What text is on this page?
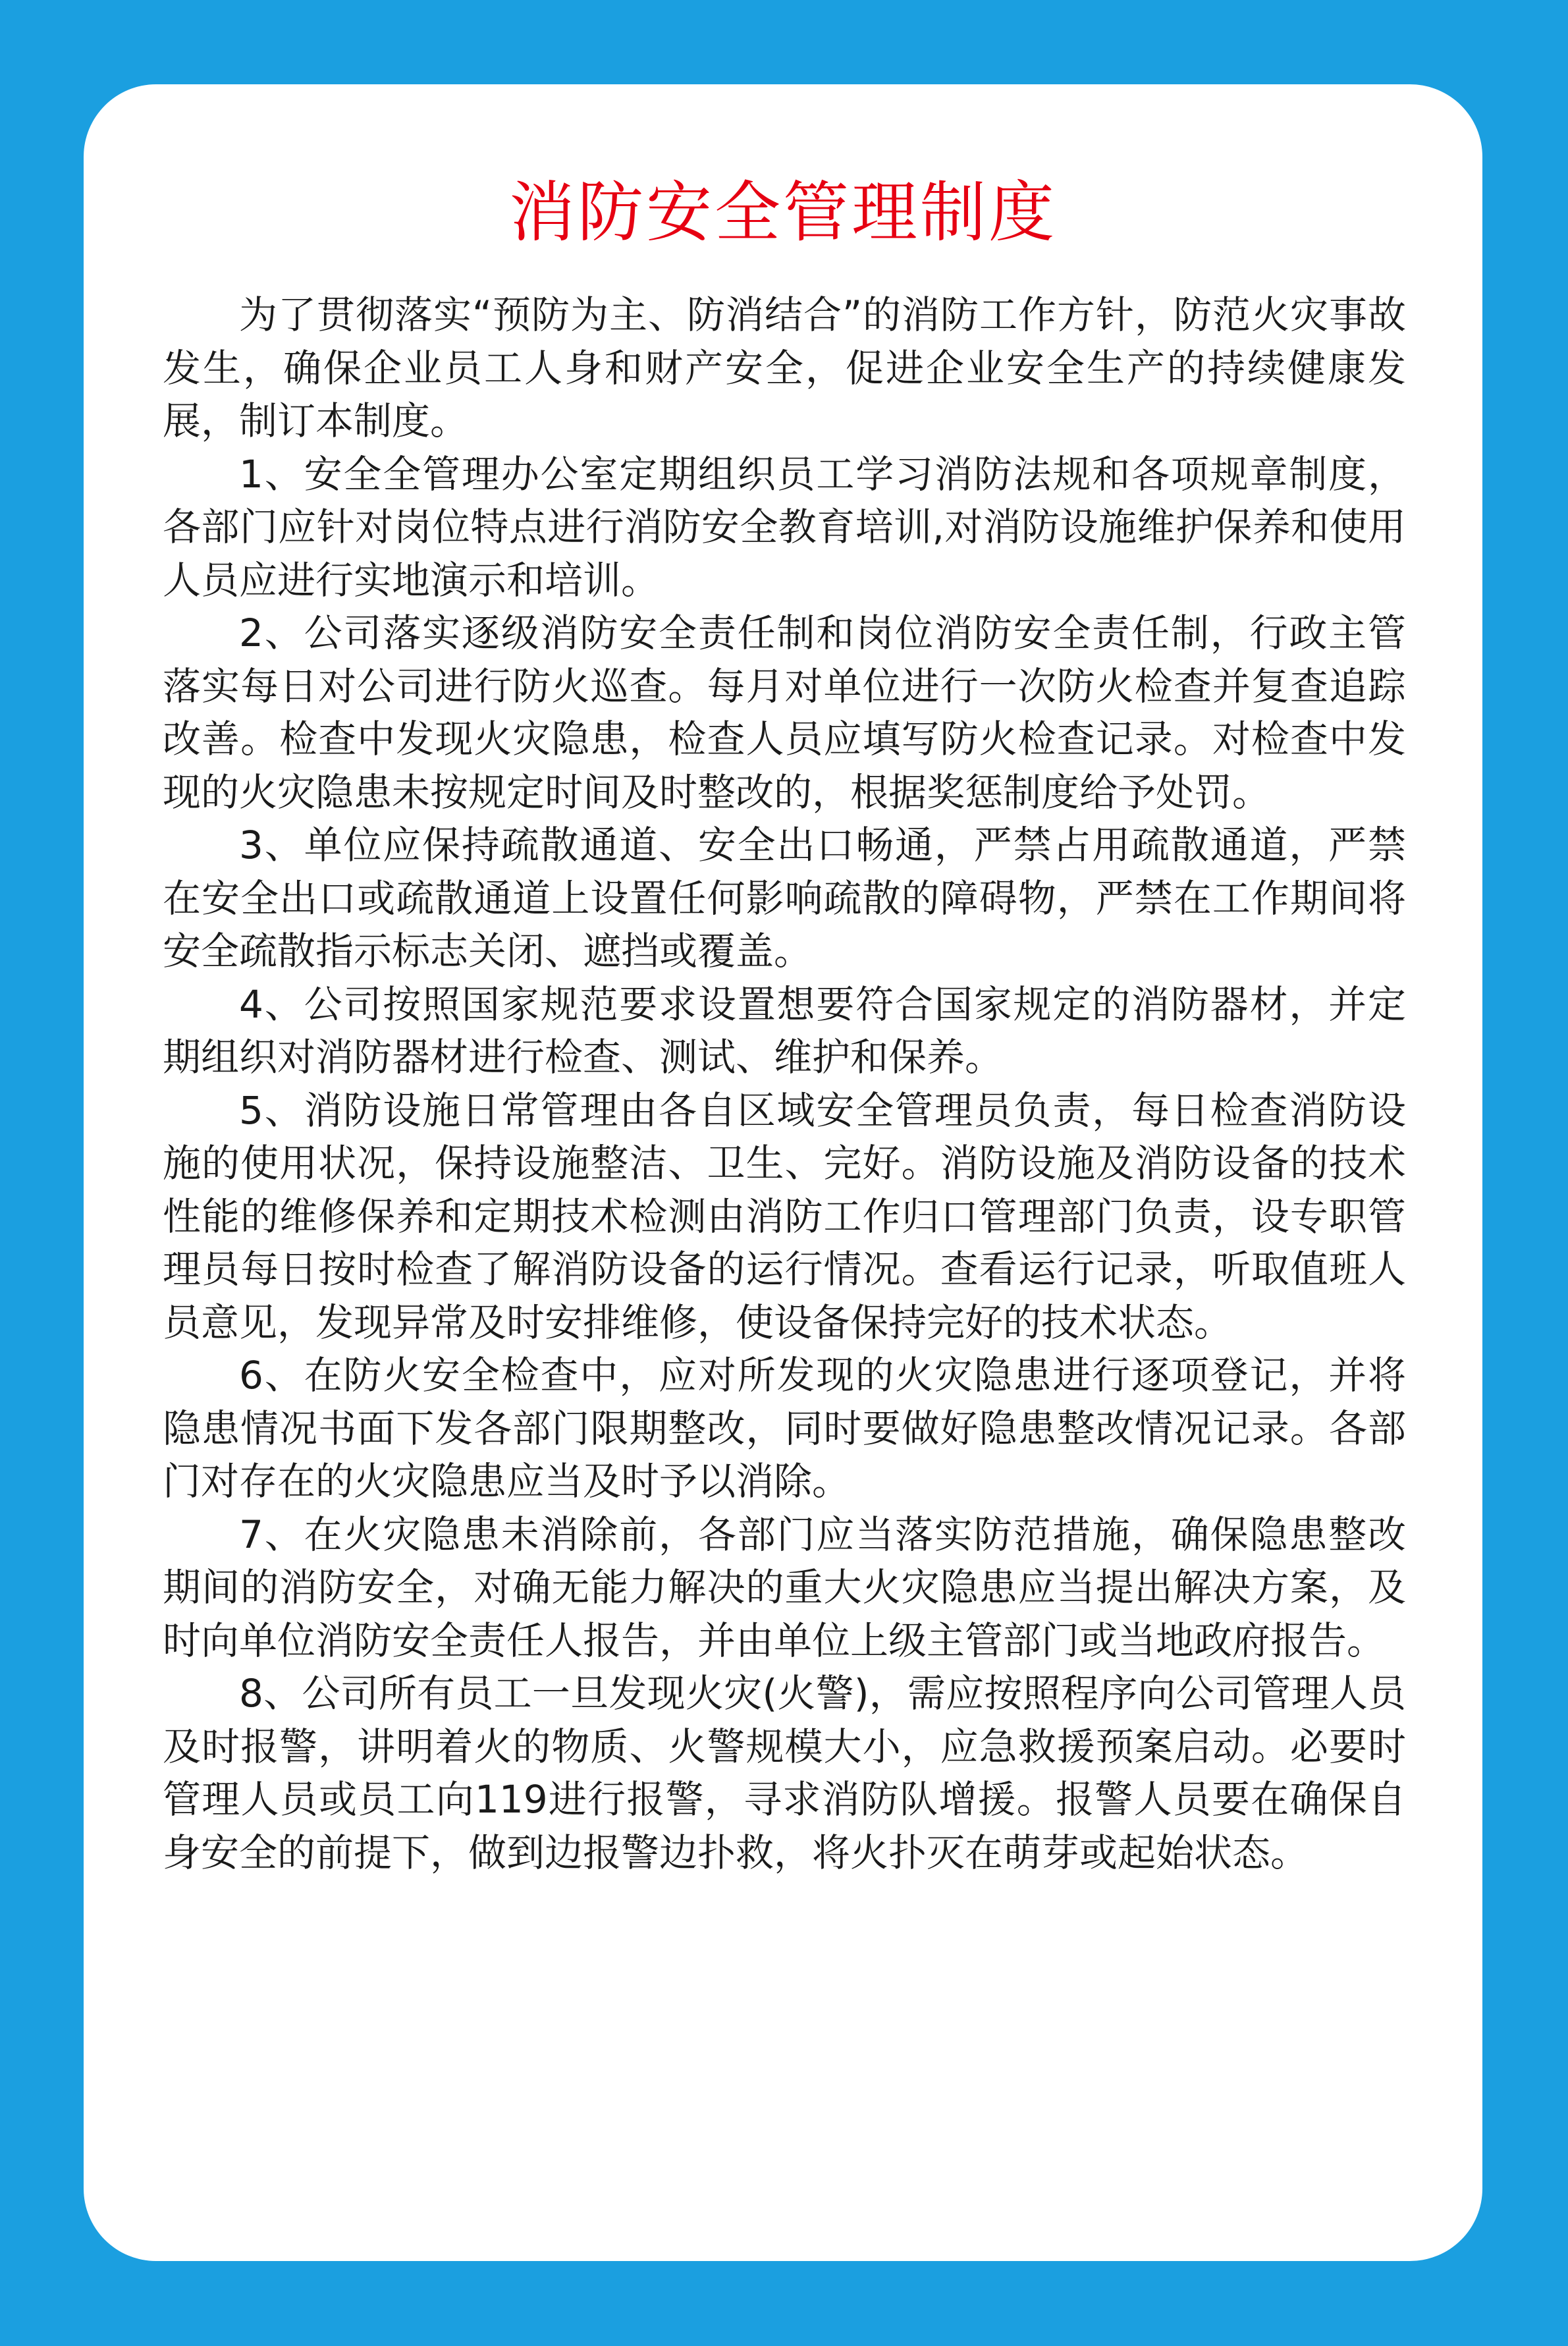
消防安全管理制度

为了贯彻落实“预防为主、防消结合”的消防工作方针，防范火灾事故发生，确保企业员工人身和财产安全，促进企业安全生产的持续健康发展，制订本制度。

1、安全全管理办公室定期组织员工学习消防法规和各项规章制度，各部门应针对岗位特点进行消防安全教育培训,对消防设施维护保养和使用人员应进行实地演示和培训。

2、公司落实逐级消防安全责任制和岗位消防安全责任制，行政主管落实每日对公司进行防火巡查。每月对单位进行一次防火检查并复查追踪改善。检查中发现火灾隐患，检查人员应填写防火检查记录。对检查中发现的火灾隐患未按规定时间及时整改的，根据奖惩制度给予处罚。

3、单位应保持疏散通道、安全出口畅通，严禁占用疏散通道，严禁在安全出口或疏散通道上设置任何影响疏散的障碍物，严禁在工作期间将安全疏散指示标志关闭、遮挡或覆盖。

4、公司按照国家规范要求设置想要符合国家规定的消防器材，并定期组织对消防器材进行检查、测试、维护和保养。

5、消防设施日常管理由各自区域安全管理员负责，每日检查消防设施的使用状况，保持设施整洁、卫生、完好。消防设施及消防设备的技术性能的维修保养和定期技术检测由消防工作归口管理部门负责，设专职管理员每日按时检查了解消防设备的运行情况。查看运行记录，听取值班人员意见，发现异常及时安排维修，使设备保持完好的技术状态。

6、在防火安全检查中，应对所发现的火灾隐患进行逐项登记，并将隐患情况书面下发各部门限期整改，同时要做好隐患整改情况记录。各部门对存在的火灾隐患应当及时予以消除。

7、在火灾隐患未消除前，各部门应当落实防范措施，确保隐患整改期间的消防安全，对确无能力解决的重大火灾隐患应当提出解决方案，及时向单位消防安全责任人报告，并由单位上级主管部门或当地政府报告。

8、公司所有员工一旦发现火灾(火警)，需应按照程序向公司管理人员及时报警，讲明着火的物质、火警规模大小，应急救援预案启动。必要时管理人员或员工向119进行报警，寻求消防队增援。报警人员要在确保自身安全的前提下，做到边报警边扑救，将火扑灭在萌芽或起始状态。
